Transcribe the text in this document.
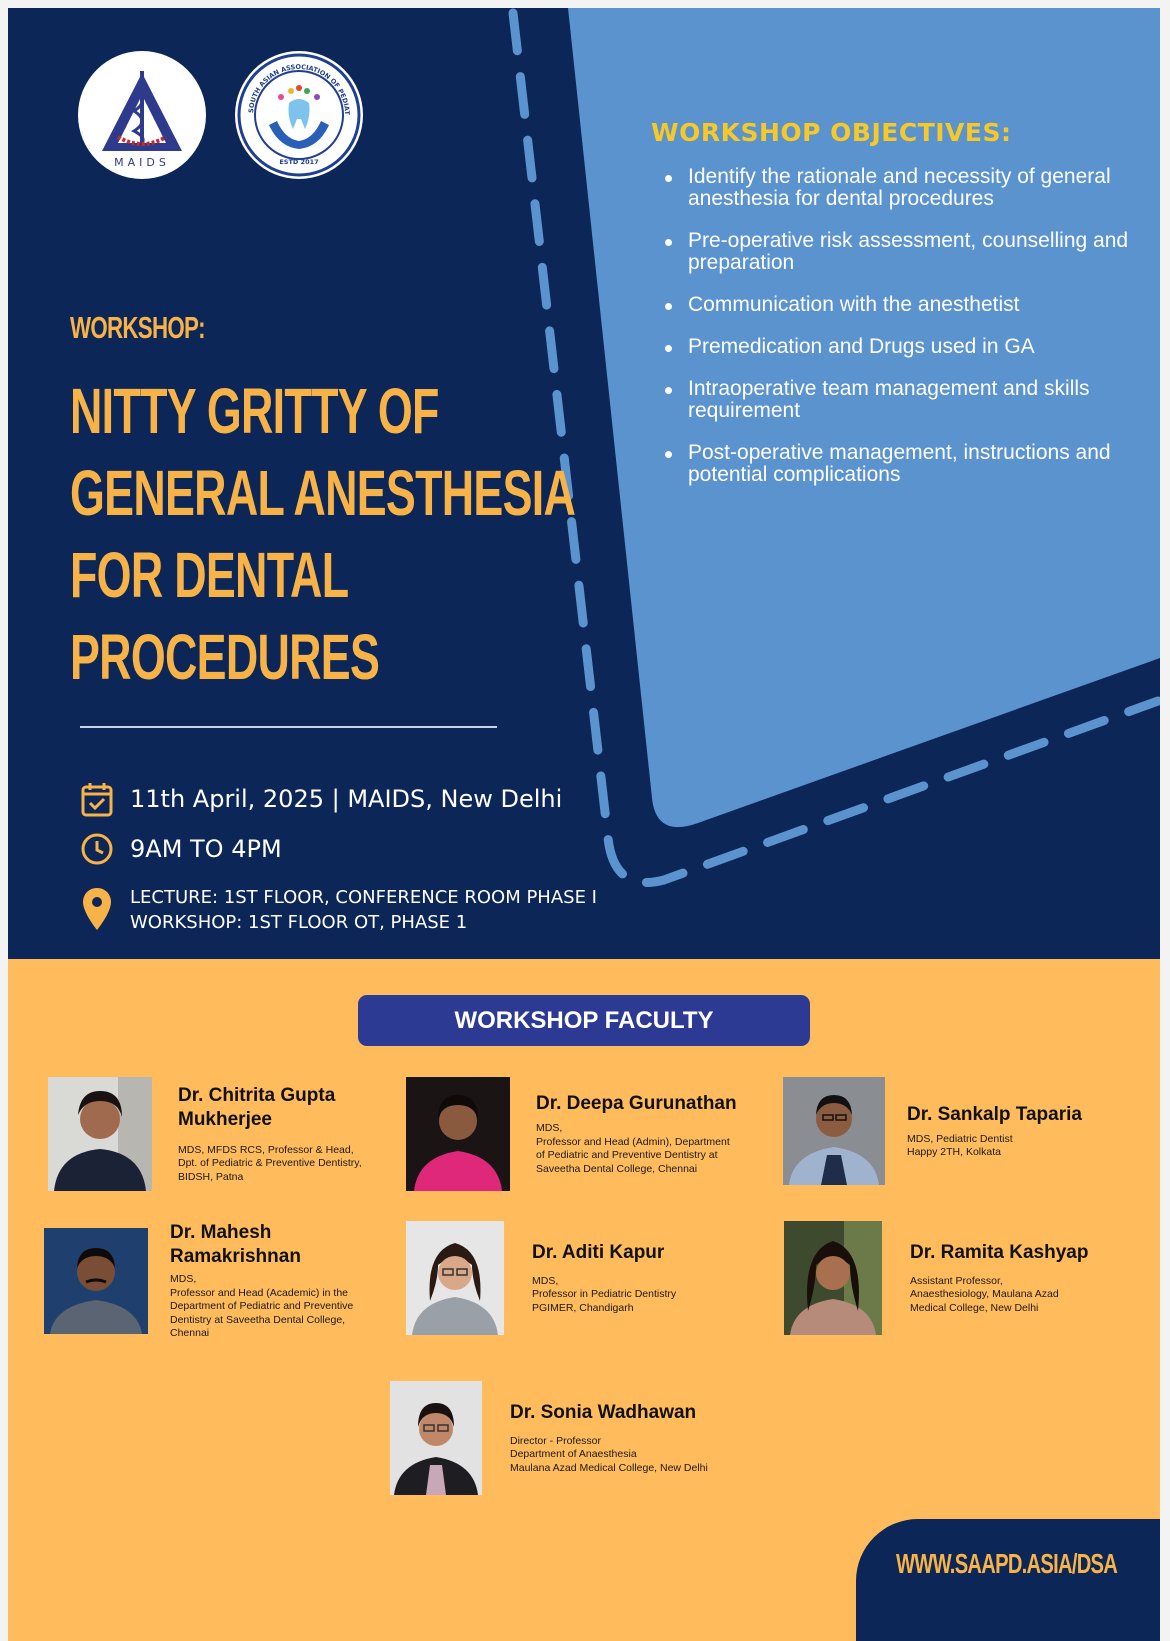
MAIDS
SOUTH ASIAN ASSOCIATION OF PEDIAT
ESTD 2017
WORKSHOP:
NITTY GRITTY OF
GENERAL ANESTHESIA
FOR DENTAL
PROCEDURES
11th April, 2025 | MAIDS, New Delhi
9AM TO 4PM
LECTURE: 1ST FLOOR, CONFERENCE ROOM PHASE I
WORKSHOP: 1ST FLOOR OT, PHASE 1
WORKSHOP OBJECTIVES:
Identify the rationale and necessity of general anesthesia for dental procedures
Pre-operative risk assessment, counselling and preparation
Communication with the anesthetist
Premedication and Drugs used in GA
Intraoperative team management and skills requirement
Post-operative management, instructions and potential complications
WORKSHOP FACULTY
Dr. Chitrita Gupta
Mukherjee
MDS, MFDS RCS, Professor & Head,
Dpt. of Pediatric & Preventive Dentistry,
BIDSH, Patna
Dr. Deepa Gurunathan
MDS,
Professor and Head (Admin), Department
of Pediatric and Preventive Dentistry at
Saveetha Dental College, Chennai
Dr. Sankalp Taparia
MDS, Pediatric Dentist
Happy 2TH, Kolkata
Dr. Mahesh
Ramakrishnan
MDS,
Professor and Head (Academic) in the
Department of Pediatric and Preventive
Dentistry at Saveetha Dental College,
Chennai
Dr. Aditi Kapur
MDS,
Professor in Pediatric Dentistry
PGIMER, Chandigarh
Dr. Ramita Kashyap
Assistant Professor,
Anaesthesiology, Maulana Azad
Medical College, New Delhi
Dr. Sonia Wadhawan
Director - Professor
Department of Anaesthesia
Maulana Azad Medical College, New Delhi
WWW.SAAPD.ASIA/DSA
